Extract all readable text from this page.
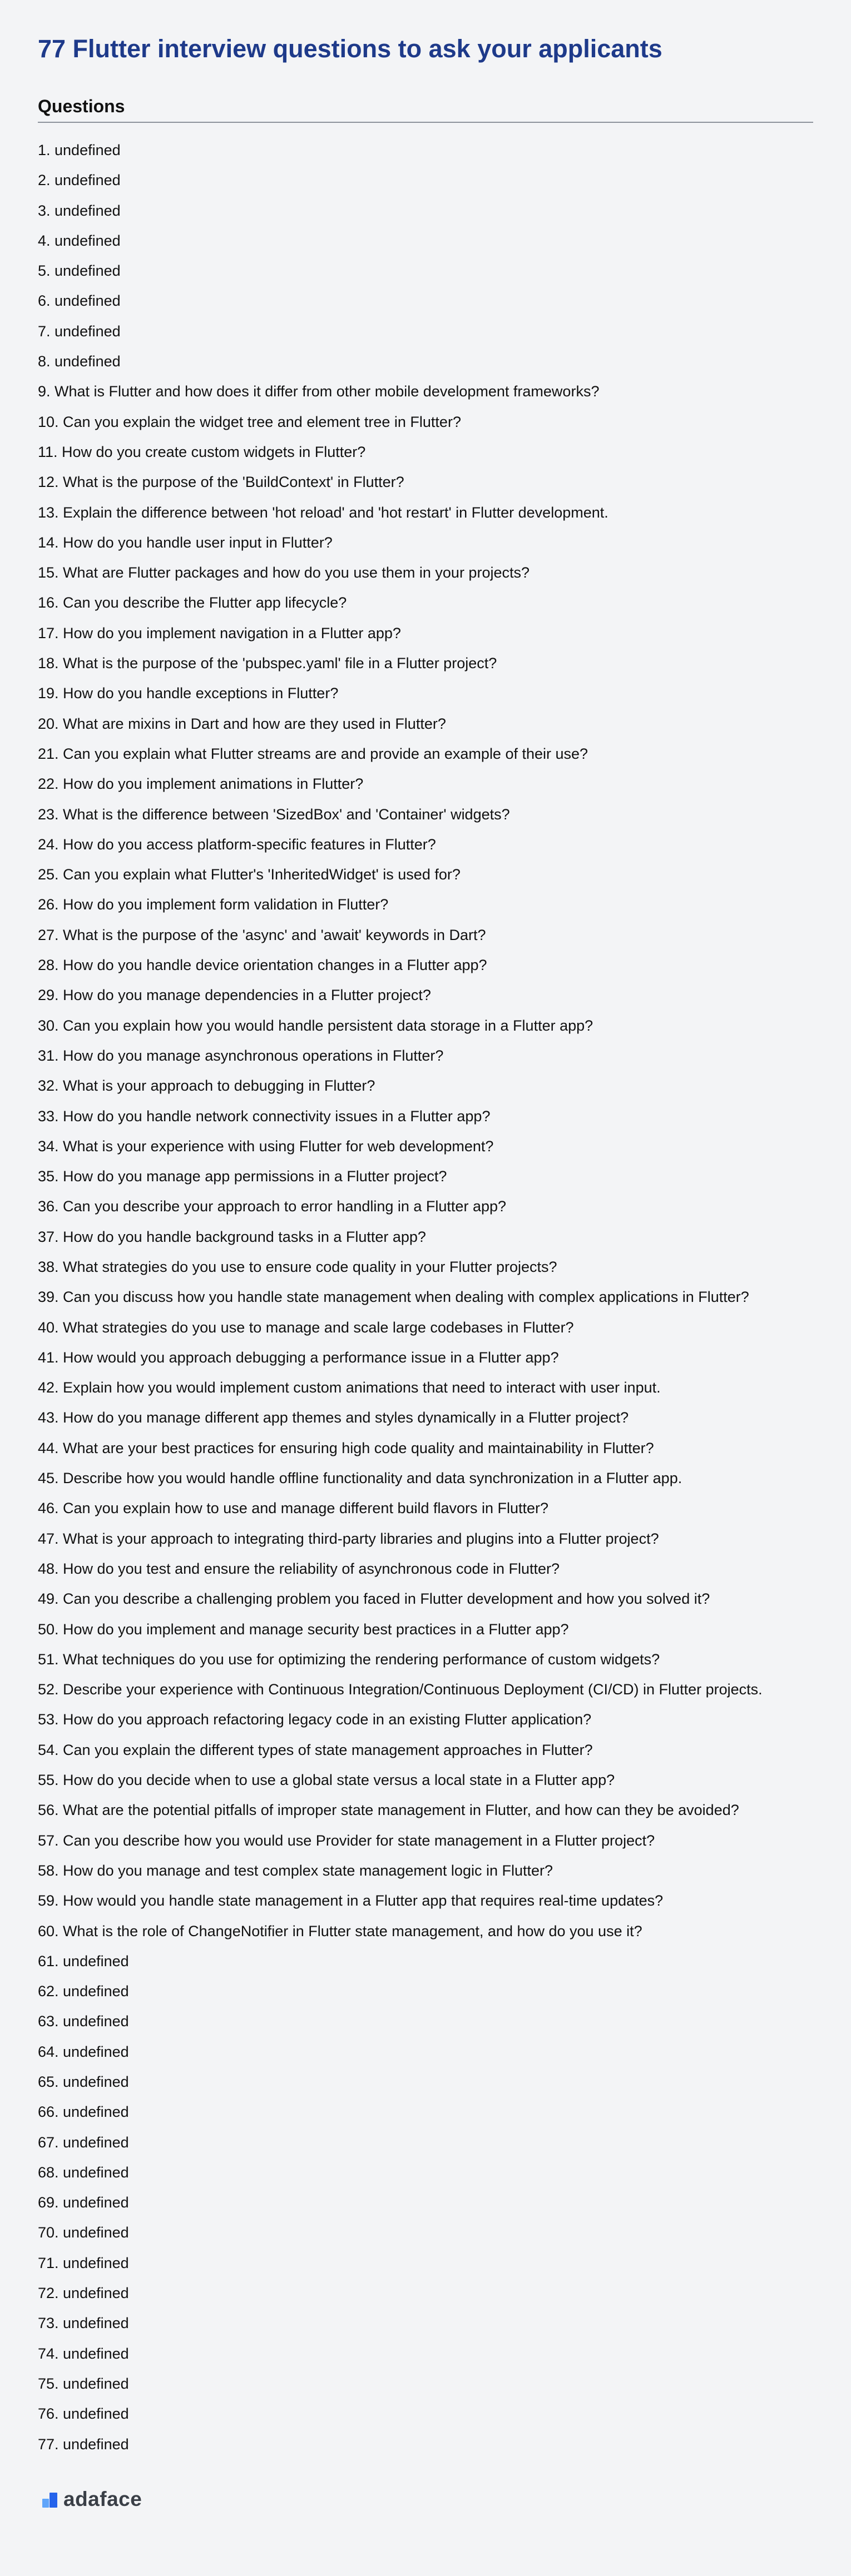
77 Flutter interview questions to ask your applicants
Questions
1. undefined
2. undefined
3. undefined
4. undefined
5. undefined
6. undefined
7. undefined
8. undefined
9. What is Flutter and how does it differ from other mobile development frameworks?
10. Can you explain the widget tree and element tree in Flutter?
11. How do you create custom widgets in Flutter?
12. What is the purpose of the 'BuildContext' in Flutter?
13. Explain the difference between 'hot reload' and 'hot restart' in Flutter development.
14. How do you handle user input in Flutter?
15. What are Flutter packages and how do you use them in your projects?
16. Can you describe the Flutter app lifecycle?
17. How do you implement navigation in a Flutter app?
18. What is the purpose of the 'pubspec.yaml' file in a Flutter project?
19. How do you handle exceptions in Flutter?
20. What are mixins in Dart and how are they used in Flutter?
21. Can you explain what Flutter streams are and provide an example of their use?
22. How do you implement animations in Flutter?
23. What is the difference between 'SizedBox' and 'Container' widgets?
24. How do you access platform-specific features in Flutter?
25. Can you explain what Flutter's 'InheritedWidget' is used for?
26. How do you implement form validation in Flutter?
27. What is the purpose of the 'async' and 'await' keywords in Dart?
28. How do you handle device orientation changes in a Flutter app?
29. How do you manage dependencies in a Flutter project?
30. Can you explain how you would handle persistent data storage in a Flutter app?
31. How do you manage asynchronous operations in Flutter?
32. What is your approach to debugging in Flutter?
33. How do you handle network connectivity issues in a Flutter app?
34. What is your experience with using Flutter for web development?
35. How do you manage app permissions in a Flutter project?
36. Can you describe your approach to error handling in a Flutter app?
37. How do you handle background tasks in a Flutter app?
38. What strategies do you use to ensure code quality in your Flutter projects?
39. Can you discuss how you handle state management when dealing with complex applications in Flutter?
40. What strategies do you use to manage and scale large codebases in Flutter?
41. How would you approach debugging a performance issue in a Flutter app?
42. Explain how you would implement custom animations that need to interact with user input.
43. How do you manage different app themes and styles dynamically in a Flutter project?
44. What are your best practices for ensuring high code quality and maintainability in Flutter?
45. Describe how you would handle offline functionality and data synchronization in a Flutter app.
46. Can you explain how to use and manage different build flavors in Flutter?
47. What is your approach to integrating third-party libraries and plugins into a Flutter project?
48. How do you test and ensure the reliability of asynchronous code in Flutter?
49. Can you describe a challenging problem you faced in Flutter development and how you solved it?
50. How do you implement and manage security best practices in a Flutter app?
51. What techniques do you use for optimizing the rendering performance of custom widgets?
52. Describe your experience with Continuous Integration/Continuous Deployment (CI/CD) in Flutter projects.
53. How do you approach refactoring legacy code in an existing Flutter application?
54. Can you explain the different types of state management approaches in Flutter?
55. How do you decide when to use a global state versus a local state in a Flutter app?
56. What are the potential pitfalls of improper state management in Flutter, and how can they be avoided?
57. Can you describe how you would use Provider for state management in a Flutter project?
58. How do you manage and test complex state management logic in Flutter?
59. How would you handle state management in a Flutter app that requires real-time updates?
60. What is the role of ChangeNotifier in Flutter state management, and how do you use it?
61. undefined
62. undefined
63. undefined
64. undefined
65. undefined
66. undefined
67. undefined
68. undefined
69. undefined
70. undefined
71. undefined
72. undefined
73. undefined
74. undefined
75. undefined
76. undefined
77. undefined
adaface
